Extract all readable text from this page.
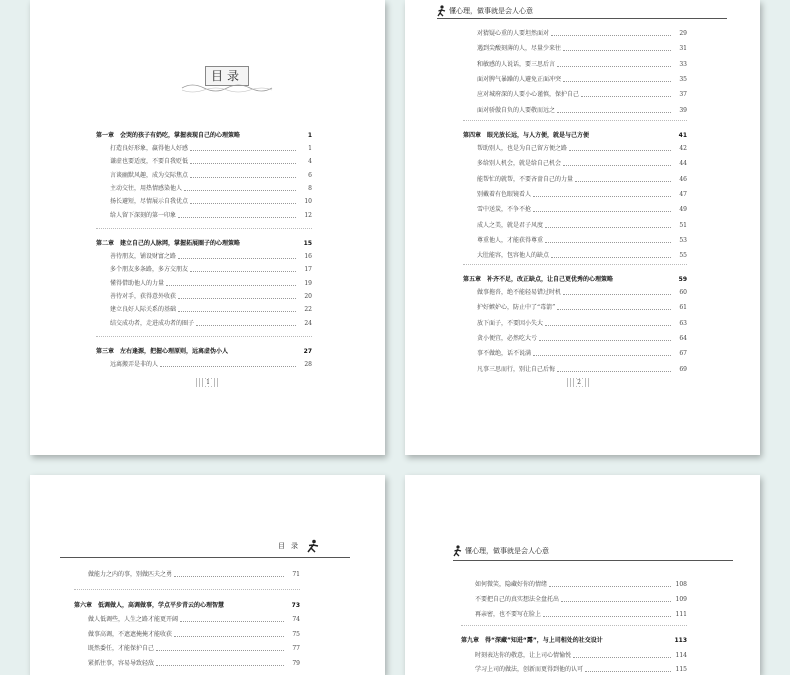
目录
第一章 会哭的孩子有奶吃，掌握表现自己的心理策略	1
打造良好形象，赢得他人好感	1
谦虚也要适度，不要自我贬低	4
言谈幽默风趣，成为交际焦点	6
主动交往，用热情感染他人	8
扬长避短，尽情展示自我优点	10
给人留下深刻的第一印象	12
第二章 建立自己的人脉网，掌握拓展圈子的心理策略	15
善待朋友，铺设财富之路	16
多个朋友多条路，多方交朋友	17
懂得借助他人的力量	19
善待对手，获得意外收获	20
建立良好人际关系的基础	22
结交成功者，走进成功者的圈子	24
第三章 左右逢源，把握心理原则，远离虚伪小人	27
远离搬弄是非的人	28
1
懂心理，做事就是会人心意
对猜疑心重的人要坦然面对	29
遇到尖酸刻薄的人，尽量少来往	31
和敏感的人说话，要三思后言	33
面对脾气暴躁的人避免正面冲突	35
应对城府深的人要小心谨慎，保护自己	37
面对骄傲自负的人要敬而远之	39
第四章 眼光放长远，与人方便，就是与己方便	41
帮助别人，也是为自己留方便之路	42
多给别人机会，就是给自己机会	44
能帮忙的就帮，不要吝啬自己的力量	46
别戴着有色眼镜看人	47
雪中送炭，不争不抢	49
成人之美，就是君子风度	51
尊重他人，才能获得尊重	53
大肚能容，包容他人的缺点	55
第五章 补齐不足，改正缺点，让自己更优秀的心理策略	59
做事拖沓，绝不能轻易错过时机	60
护好嫉妒心，防止中了“毒箭”	61
放下面子，不要因小失大	63
贪小便宜，必然吃大亏	64
事不做绝，话不说满	67
凡事三思而行，别让自己后悔	69
2
目录
做能力之内的事，别做匹夫之勇	71
第六章 低调做人，高调做事，学点平步青云的心理智慧	73
做人低调些，人生之路才能更开阔	74
做事高调，不遮遮掩掩才能收获	75
既然委任，才能保护自己	77
紧抓往事，容易导致轻敌	79
懂心理，做事就是会人心意
如何微笑，隐藏好你的情绪	108
不要把自己的真实想法全盘托出	109
再亲密，也不要写在脸上	111
第九章 得“深藏”知进“露”，与上司相处的社交设计	113
时刻表达你的敬意，让上司心情愉悦	114
学习上司的做法，创新而更得到他的认可	115
